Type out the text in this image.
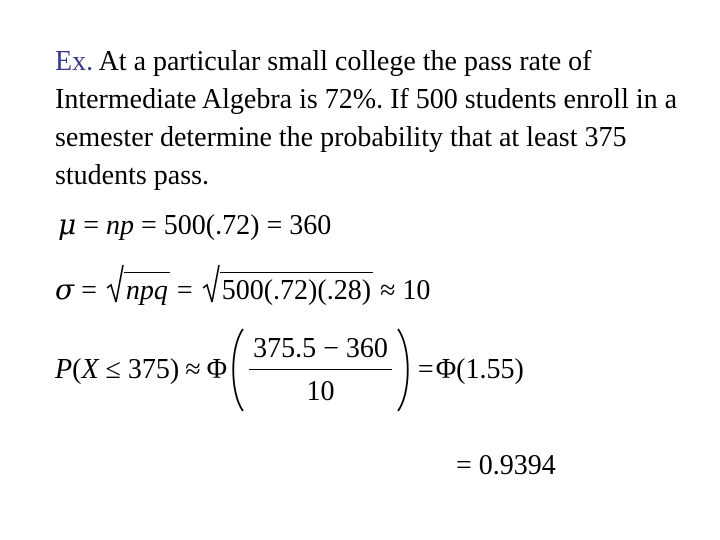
Ex. At a particular small college the pass rate of Intermediate Algebra is 72%. If 500 students enroll in a semester determine the probability that at least 375 students pass.

μ = np = 500(.72) = 360
σ = npq = 500(.72)(.28) ≈ 10
P ( X ≤ 375) ≈ Φ $\frac{375.5 - 360}{10} = \Phi(1.55)$
= 0.9394
